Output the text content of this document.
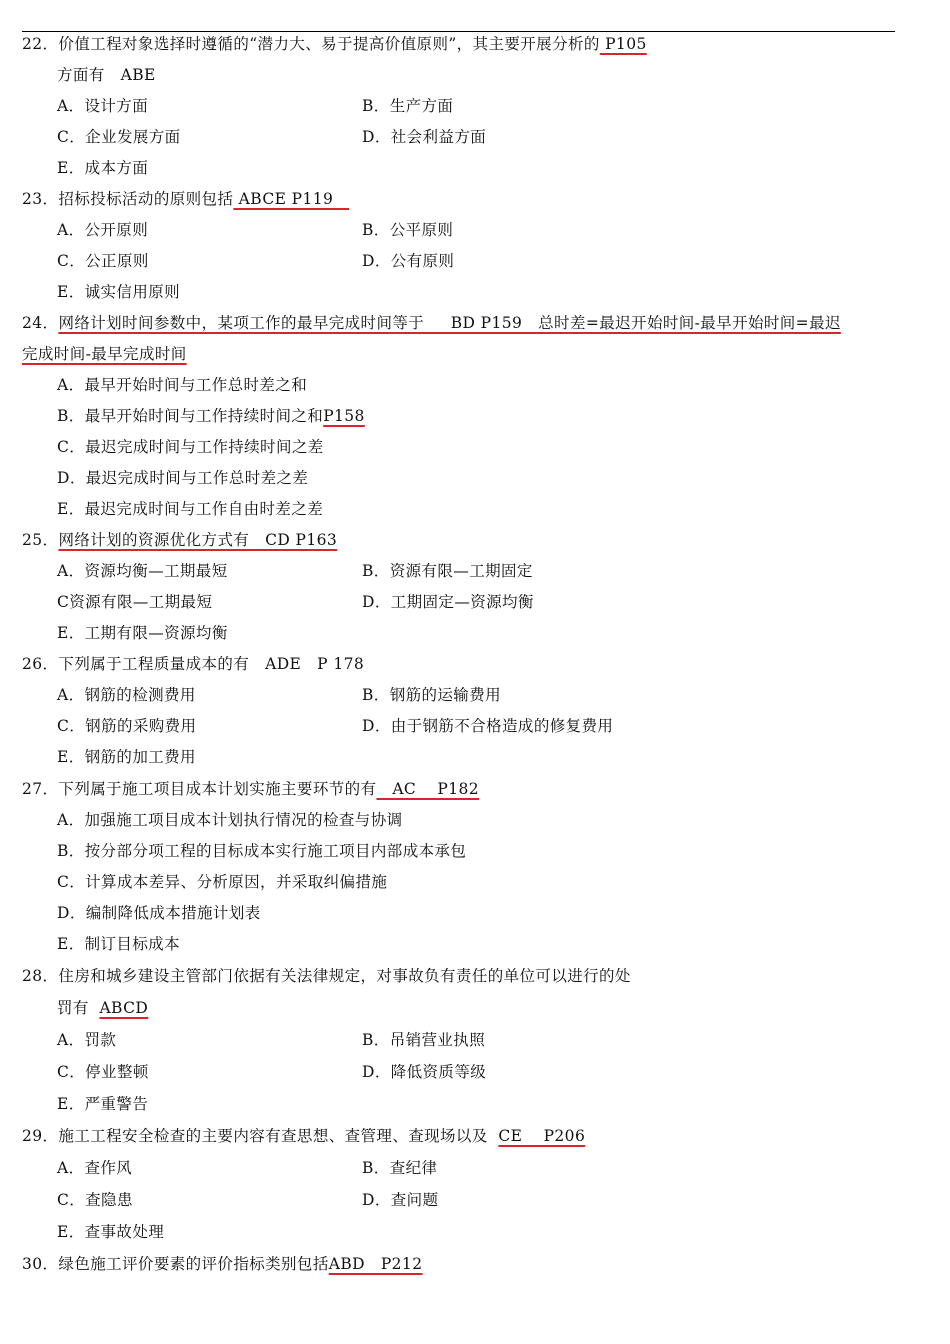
22．价值工程对象选择时遵循的“潜力大、易于提高价值原则”，其主要开展分析的 P105
方面有　ABE
A．设计方面	B．生产方面
C．企业发展方面	D．社会利益方面
E．成本方面
23．招标投标活动的原则包括 ABCE P119　
A．公开原则	B．公平原则
C．公正原则	D．公有原则
E．诚实信用原则
24．网络计划时间参数中，某项工作的最早完成时间等于　  BD P159　总时差=最迟开始时间-最早开始时间=最迟
完成时间-最早完成时间
A．最早开始时间与工作总时差之和
B．最早开始时间与工作持续时间之和P158
C．最迟完成时间与工作持续时间之差
D．最迟完成时间与工作总时差之差
E．最迟完成时间与工作自由时差之差
25．网络计划的资源优化方式有　CD P163
A．资源均衡—工期最短	B．资源有限—工期固定
C资源有限—工期最短	D．工期固定—资源均衡
E．工期有限—资源均衡
26．下列属于工程质量成本的有　ADE　P 178
A．钢筋的检测费用	B．钢筋的运输费用
C．钢筋的采购费用	D．由于钢筋不合格造成的修复费用
E．钢筋的加工费用
27．下列属于施工项目成本计划实施主要环节的有　AC　 P182
A．加强施工项目成本计划执行情况的检查与协调
B．按分部分项工程的目标成本实行施工项目内部成本承包
C．计算成本差异、分析原因，并采取纠偏措施
D．编制降低成本措施计划表
E．制订目标成本
28．住房和城乡建设主管部门依据有关法律规定，对事故负有责任的单位可以进行的处
罚有 ABCD
A．罚款	B．吊销营业执照
C．停业整顿	D．降低资质等级
E．严重警告
29．施工工程安全检查的主要内容有查思想、查管理、查现场以及 CE　 P206
A．查作风	B．查纪律
C．查隐患	D．查问题
E．查事故处理
30．绿色施工评价要素的评价指标类别包括ABD　P212
